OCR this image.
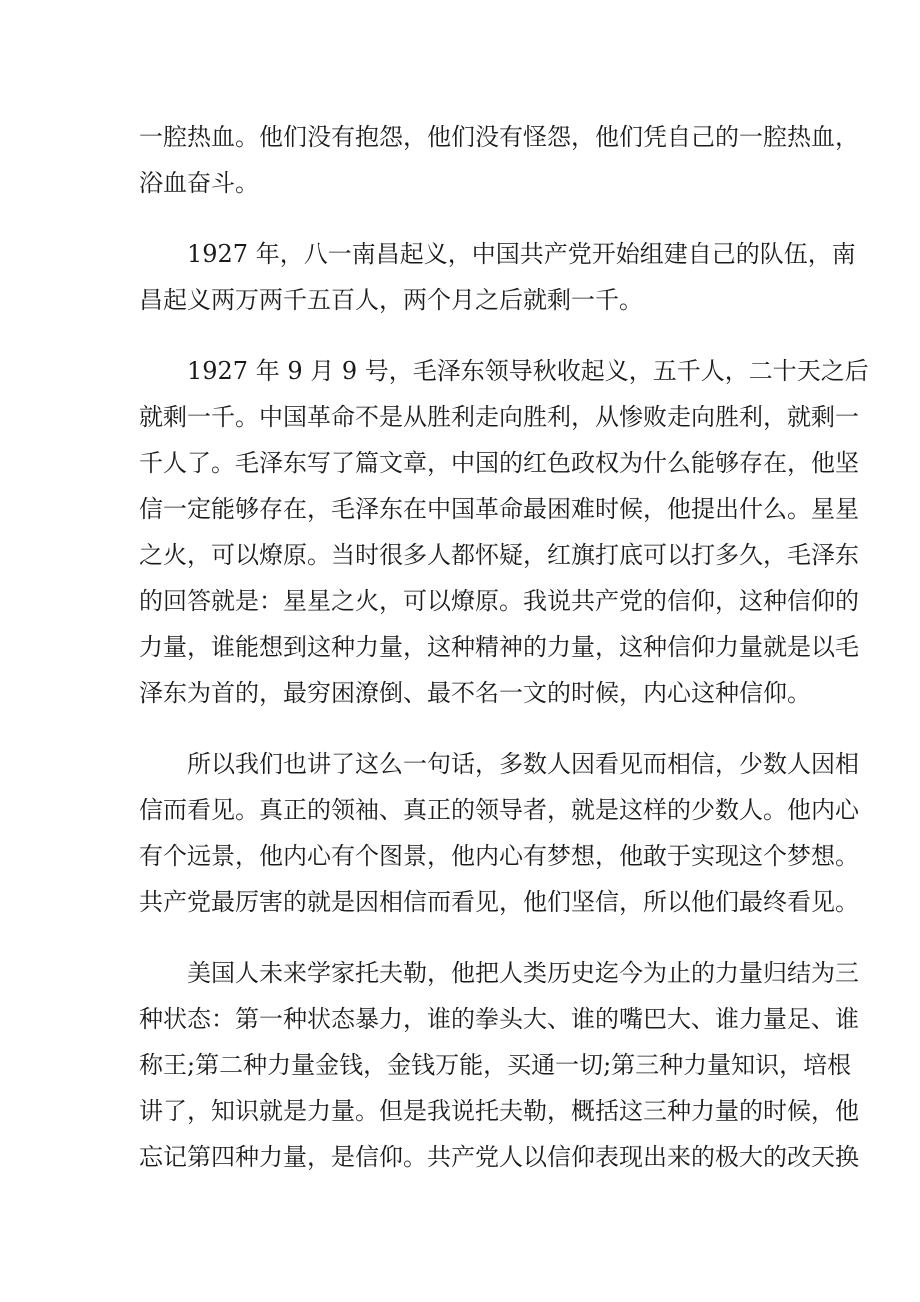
一腔热血。他们没有抱怨，他们没有怪怨，他们凭自己的一腔热血，
浴血奋斗。
1927 年，八一南昌起义，中国共产党开始组建自己的队伍，南
昌起义两万两千五百人，两个月之后就剩一千。
1927 年 9 月 9 号，毛泽东领导秋收起义，五千人，二十天之后
就剩一千。中国革命不是从胜利走向胜利，从惨败走向胜利，就剩一
千人了。毛泽东写了篇文章，中国的红色政权为什么能够存在，他坚
信一定能够存在，毛泽东在中国革命最困难时候，他提出什么。星星
之火，可以燎原。当时很多人都怀疑，红旗打底可以打多久，毛泽东
的回答就是：星星之火，可以燎原。我说共产党的信仰，这种信仰的
力量，谁能想到这种力量，这种精神的力量，这种信仰力量就是以毛
泽东为首的，最穷困潦倒、最不名一文的时候，内心这种信仰。
所以我们也讲了这么一句话，多数人因看见而相信，少数人因相
信而看见。真正的领袖、真正的领导者，就是这样的少数人。他内心
有个远景，他内心有个图景，他内心有梦想，他敢于实现这个梦想。
共产党最厉害的就是因相信而看见，他们坚信，所以他们最终看见。
美国人未来学家托夫勒，他把人类历史迄今为止的力量归结为三
种状态：第一种状态暴力，谁的拳头大、谁的嘴巴大、谁力量足、谁
称王;第二种力量金钱，金钱万能，买通一切;第三种力量知识，培根
讲了，知识就是力量。但是我说托夫勒，概括这三种力量的时候，他
忘记第四种力量，是信仰。共产党人以信仰表现出来的极大的改天换
